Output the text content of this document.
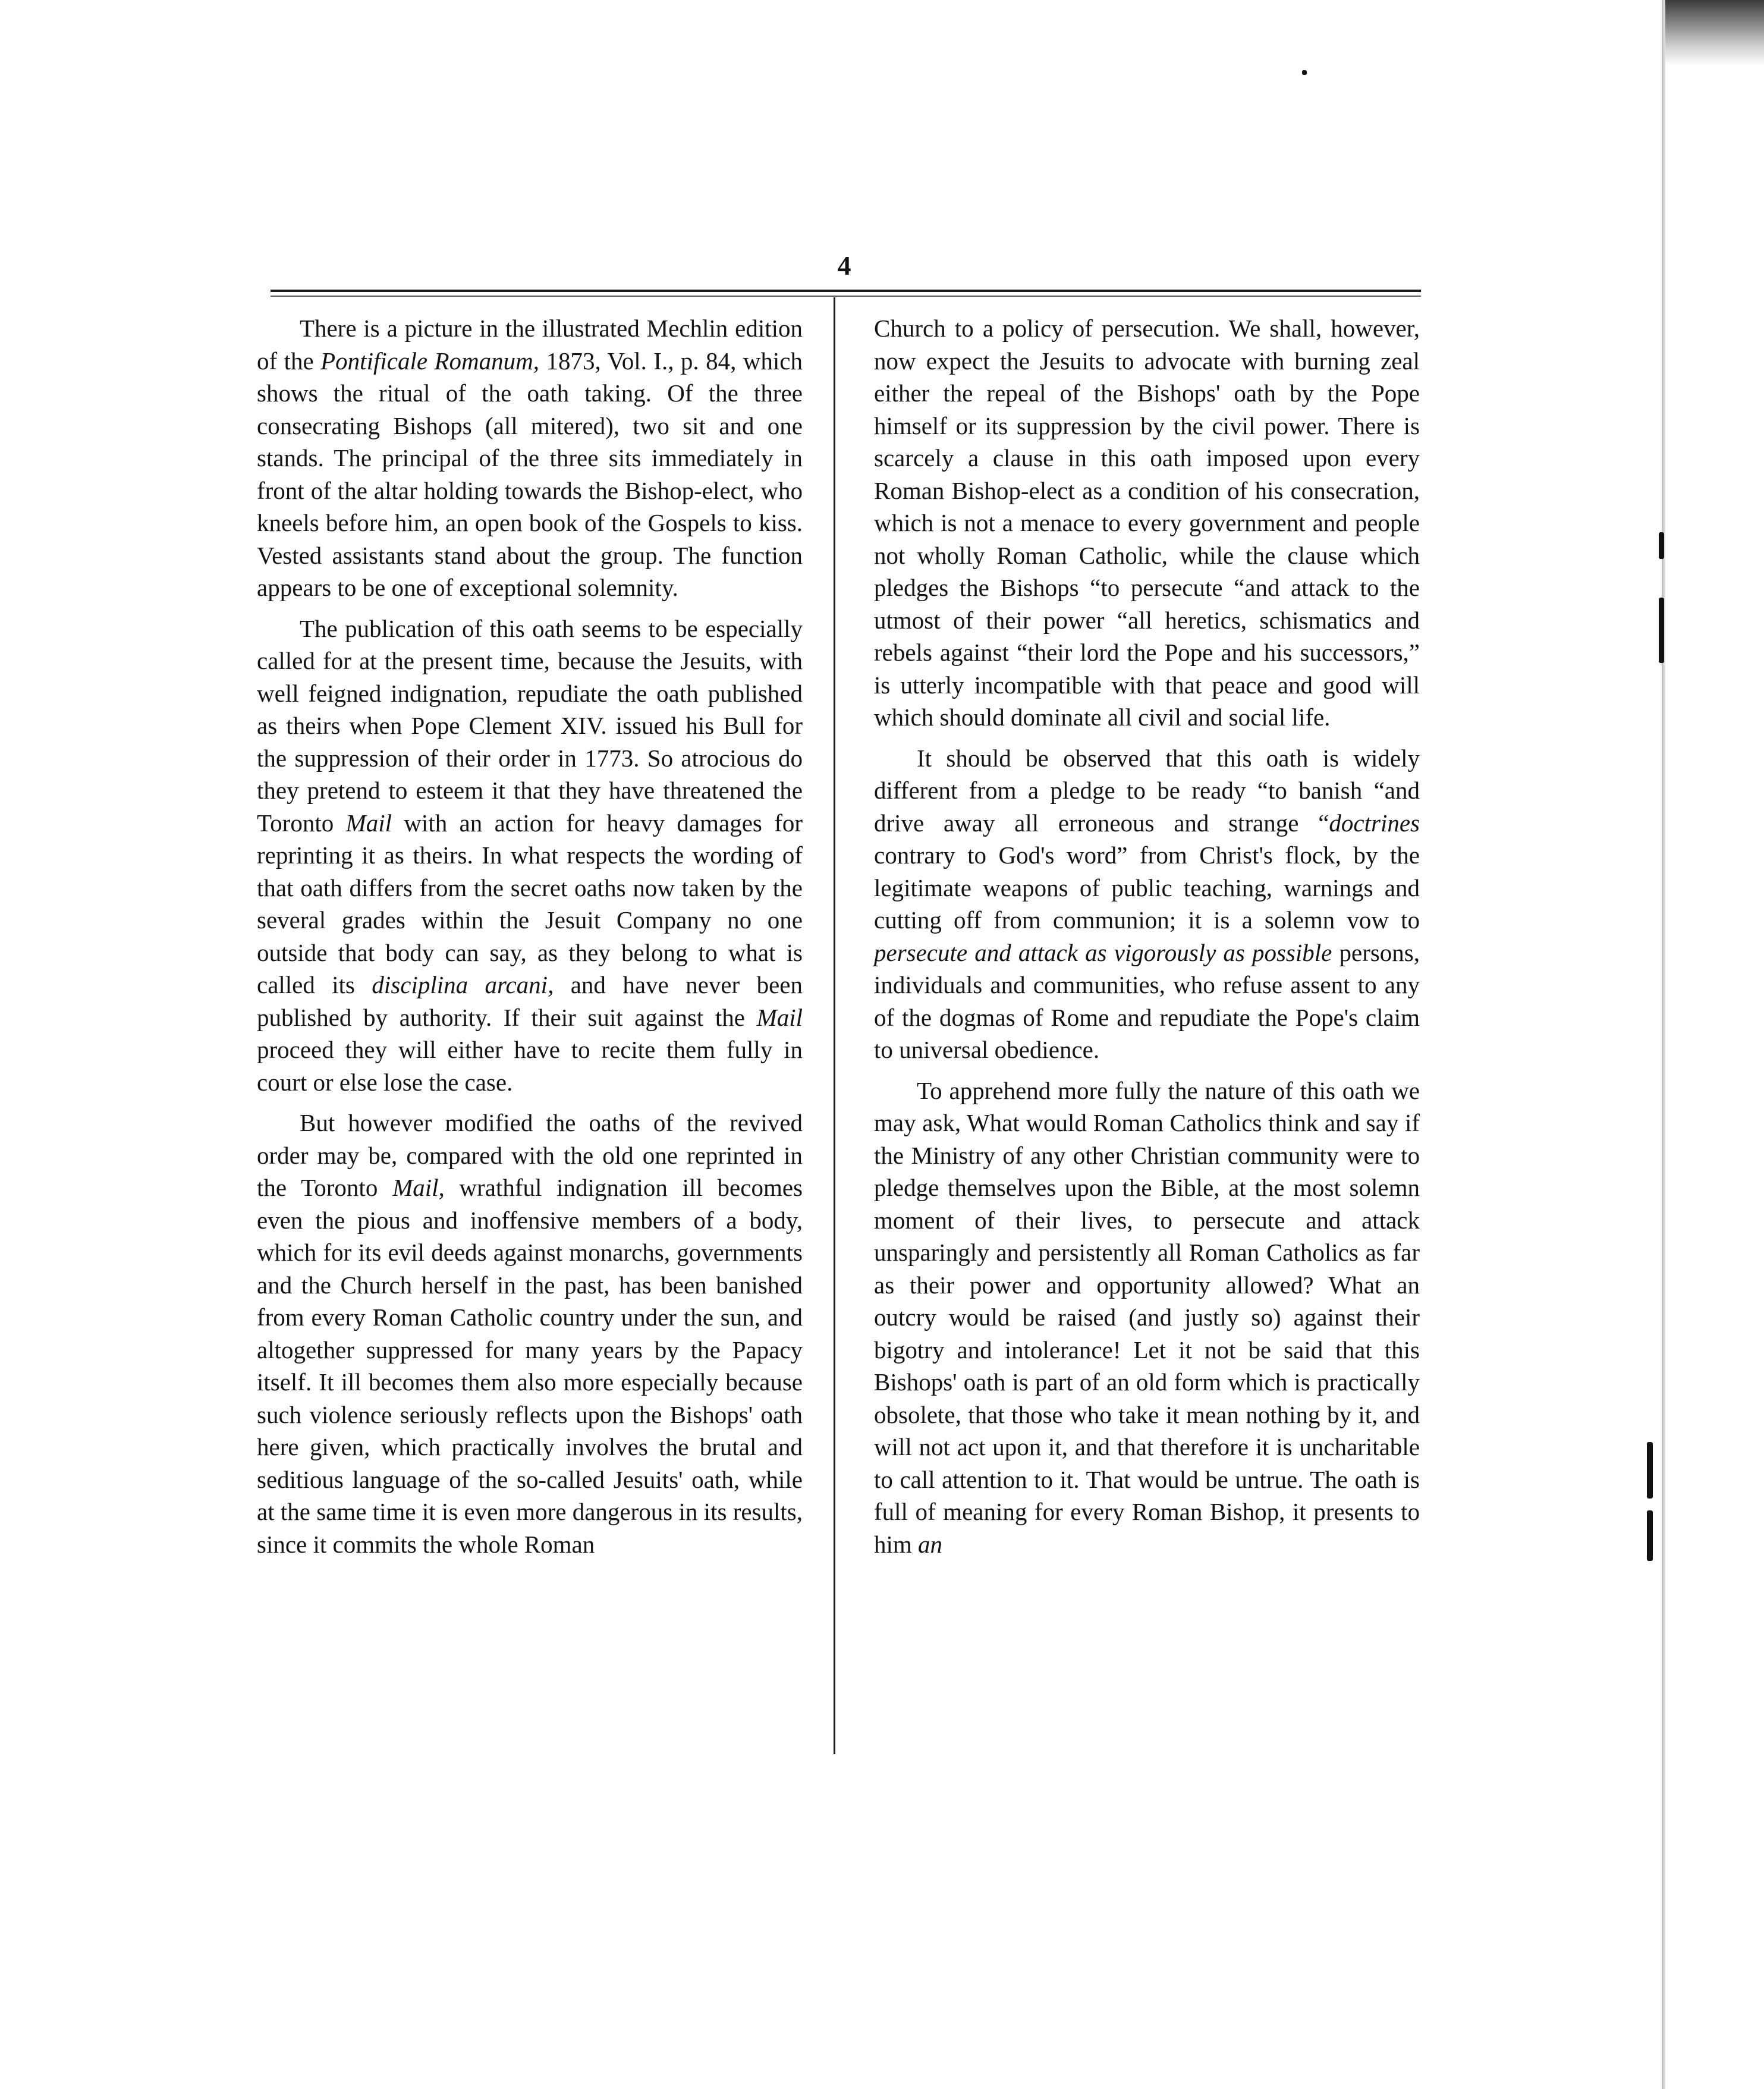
4

There is a picture in the illustrated Mechlin edition of the Pontificale Romanum, 1873, Vol. I., p. 84, which shows the ritual of the oath taking. Of the three consecrating Bishops (all mitered), two sit and one stands. The principal of the three sits immediately in front of the altar holding towards the Bishop-elect, who kneels before him, an open book of the Gospels to kiss. Vested assistants stand about the group. The function appears to be one of exceptional solemnity.

The publication of this oath seems to be especially called for at the present time, because the Jesuits, with well feigned indignation, repudiate the oath published as theirs when Pope Clement XIV. issued his Bull for the suppression of their order in 1773. So atrocious do they pretend to esteem it that they have threatened the Toronto Mail with an action for heavy damages for reprinting it as theirs. In what respects the wording of that oath differs from the secret oaths now taken by the several grades within the Jesuit Company no one outside that body can say, as they belong to what is called its disciplina arcani, and have never been published by authority. If their suit against the Mail proceed they will either have to recite them fully in court or else lose the case.

But however modified the oaths of the revived order may be, compared with the old one reprinted in the Toronto Mail, wrathful indignation ill becomes even the pious and inoffensive members of a body, which for its evil deeds against monarchs, governments and the Church herself in the past, has been banished from every Roman Catholic country under the sun, and altogether suppressed for many years by the Papacy itself. It ill becomes them also more especially because such violence seriously reflects upon the Bishops' oath here given, which practically involves the brutal and seditious language of the so-called Jesuits' oath, while at the same time it is even more dangerous in its results, since it commits the whole Roman

Church to a policy of persecution. We shall, however, now expect the Jesuits to advocate with burning zeal either the repeal of the Bishops' oath by the Pope himself or its suppression by the civil power. There is scarcely a clause in this oath imposed upon every Roman Bishop-elect as a condition of his consecration, which is not a menace to every government and people not wholly Roman Catholic, while the clause which pledges the Bishops “to persecute “and attack to the utmost of their power “all heretics, schismatics and rebels against “their lord the Pope and his successors,” is utterly incompatible with that peace and good will which should dominate all civil and social life.

It should be observed that this oath is widely different from a pledge to be ready “to banish “and drive away all erroneous and strange “doctrines contrary to God's word” from Christ's flock, by the legitimate weapons of public teaching, warnings and cutting off from communion; it is a solemn vow to persecute and attack as vigorously as possible persons, individuals and communities, who refuse assent to any of the dogmas of Rome and repudiate the Pope's claim to universal obedience.

To apprehend more fully the nature of this oath we may ask, What would Roman Catholics think and say if the Ministry of any other Christian community were to pledge themselves upon the Bible, at the most solemn moment of their lives, to persecute and attack unsparingly and persistently all Roman Catholics as far as their power and opportunity allowed? What an outcry would be raised (and justly so) against their bigotry and intolerance! Let it not be said that this Bishops' oath is part of an old form which is practically obsolete, that those who take it mean nothing by it, and will not act upon it, and that therefore it is uncharitable to call attention to it. That would be untrue. The oath is full of meaning for every Roman Bishop, it presents to him an
